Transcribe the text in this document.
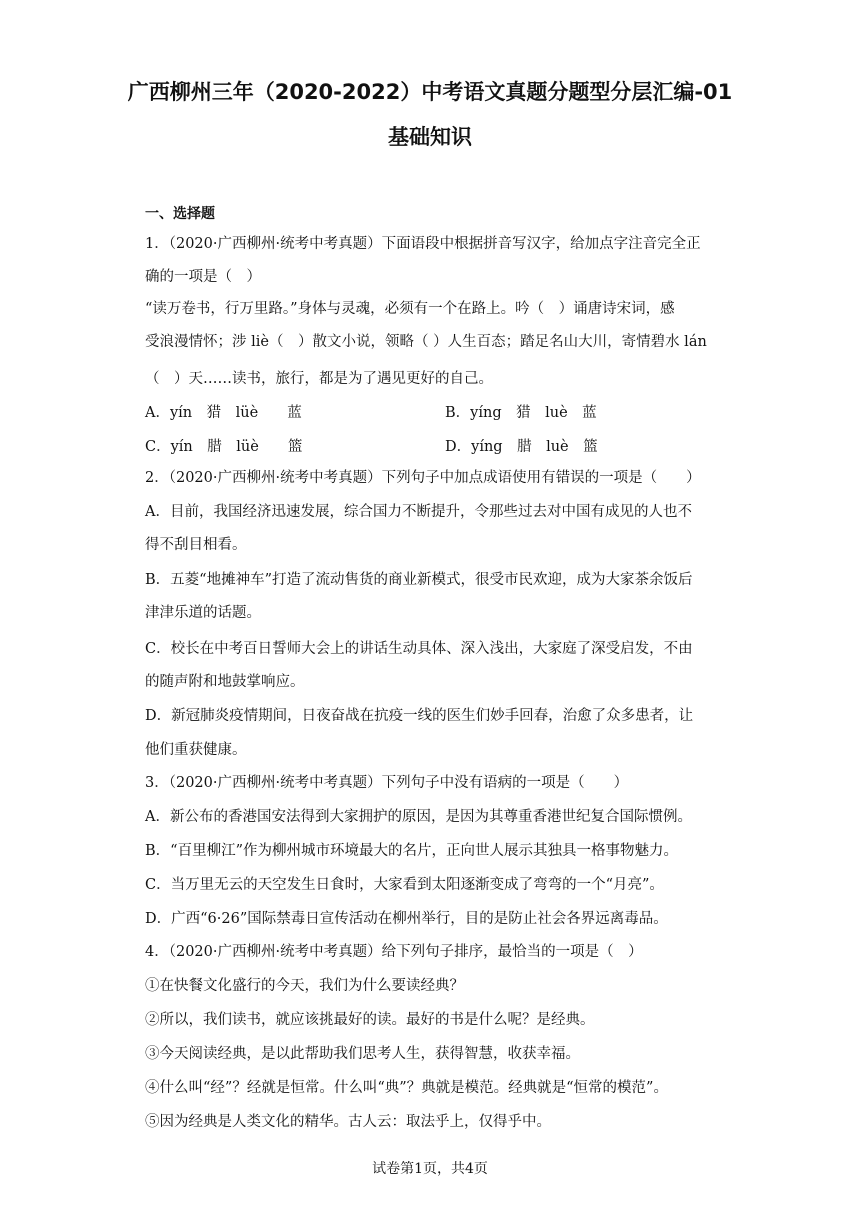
广西柳州三年（2020-2022）中考语文真题分题型分层汇编-01
基础知识
一、选择题
1．（2020·广西柳州·统考中考真题）下面语段中根据拼音写汉字，给加点字注音完全正
确的一项是（　）
“读万卷书，行万里路。”身体与灵魂，必须有一个在路上。吟（　）诵唐诗宋词，感
受浪漫情怀；涉 liè（　）散文小说，领略（ ）人生百态；踏足名山大川，寄情碧水 lán
（　）天……读书，旅行，都是为了遇见更好的自己。
A．yín　猎　lüè　　蓝	B．yíng　猎　luè　蓝
C．yín　腊　lüè　　篮	D．yíng　腊　luè　篮
2．（2020·广西柳州·统考中考真题）下列句子中加点成语使用有错误的一项是（　　）
A．目前，我国经济迅速发展，综合国力不断提升，令那些过去对中国有成见的人也不
得不刮目相看。
B．五菱“地摊神车”打造了流动售货的商业新模式，很受市民欢迎，成为大家茶余饭后
津津乐道的话题。
C．校长在中考百日誓师大会上的讲话生动具体、深入浅出，大家庭了深受启发，不由
的随声附和地鼓掌响应。
D．新冠肺炎疫情期间，日夜奋战在抗疫一线的医生们妙手回春，治愈了众多患者，让
他们重获健康。
3．（2020·广西柳州·统考中考真题）下列句子中没有语病的一项是（　　）
A．新公布的香港国安法得到大家拥护的原因，是因为其尊重香港世纪复合国际惯例。
B．“百里柳江”作为柳州城市环境最大的名片，正向世人展示其独具一格事物魅力。
C．当万里无云的天空发生日食时，大家看到太阳逐渐变成了弯弯的一个“月亮”。
D．广西“6·26”国际禁毒日宣传活动在柳州举行，目的是防止社会各界远离毒品。
4．（2020·广西柳州·统考中考真题）给下列句子排序，最恰当的一项是（　）
①在快餐文化盛行的今天，我们为什么要读经典？
②所以，我们读书，就应该挑最好的读。最好的书是什么呢？是经典。
③今天阅读经典，是以此帮助我们思考人生，获得智慧，收获幸福。
④什么叫“经”？经就是恒常。什么叫“典”？典就是模范。经典就是“恒常的模范”。
⑤因为经典是人类文化的精华。古人云：取法乎上，仅得乎中。
试卷第1页，共4页
